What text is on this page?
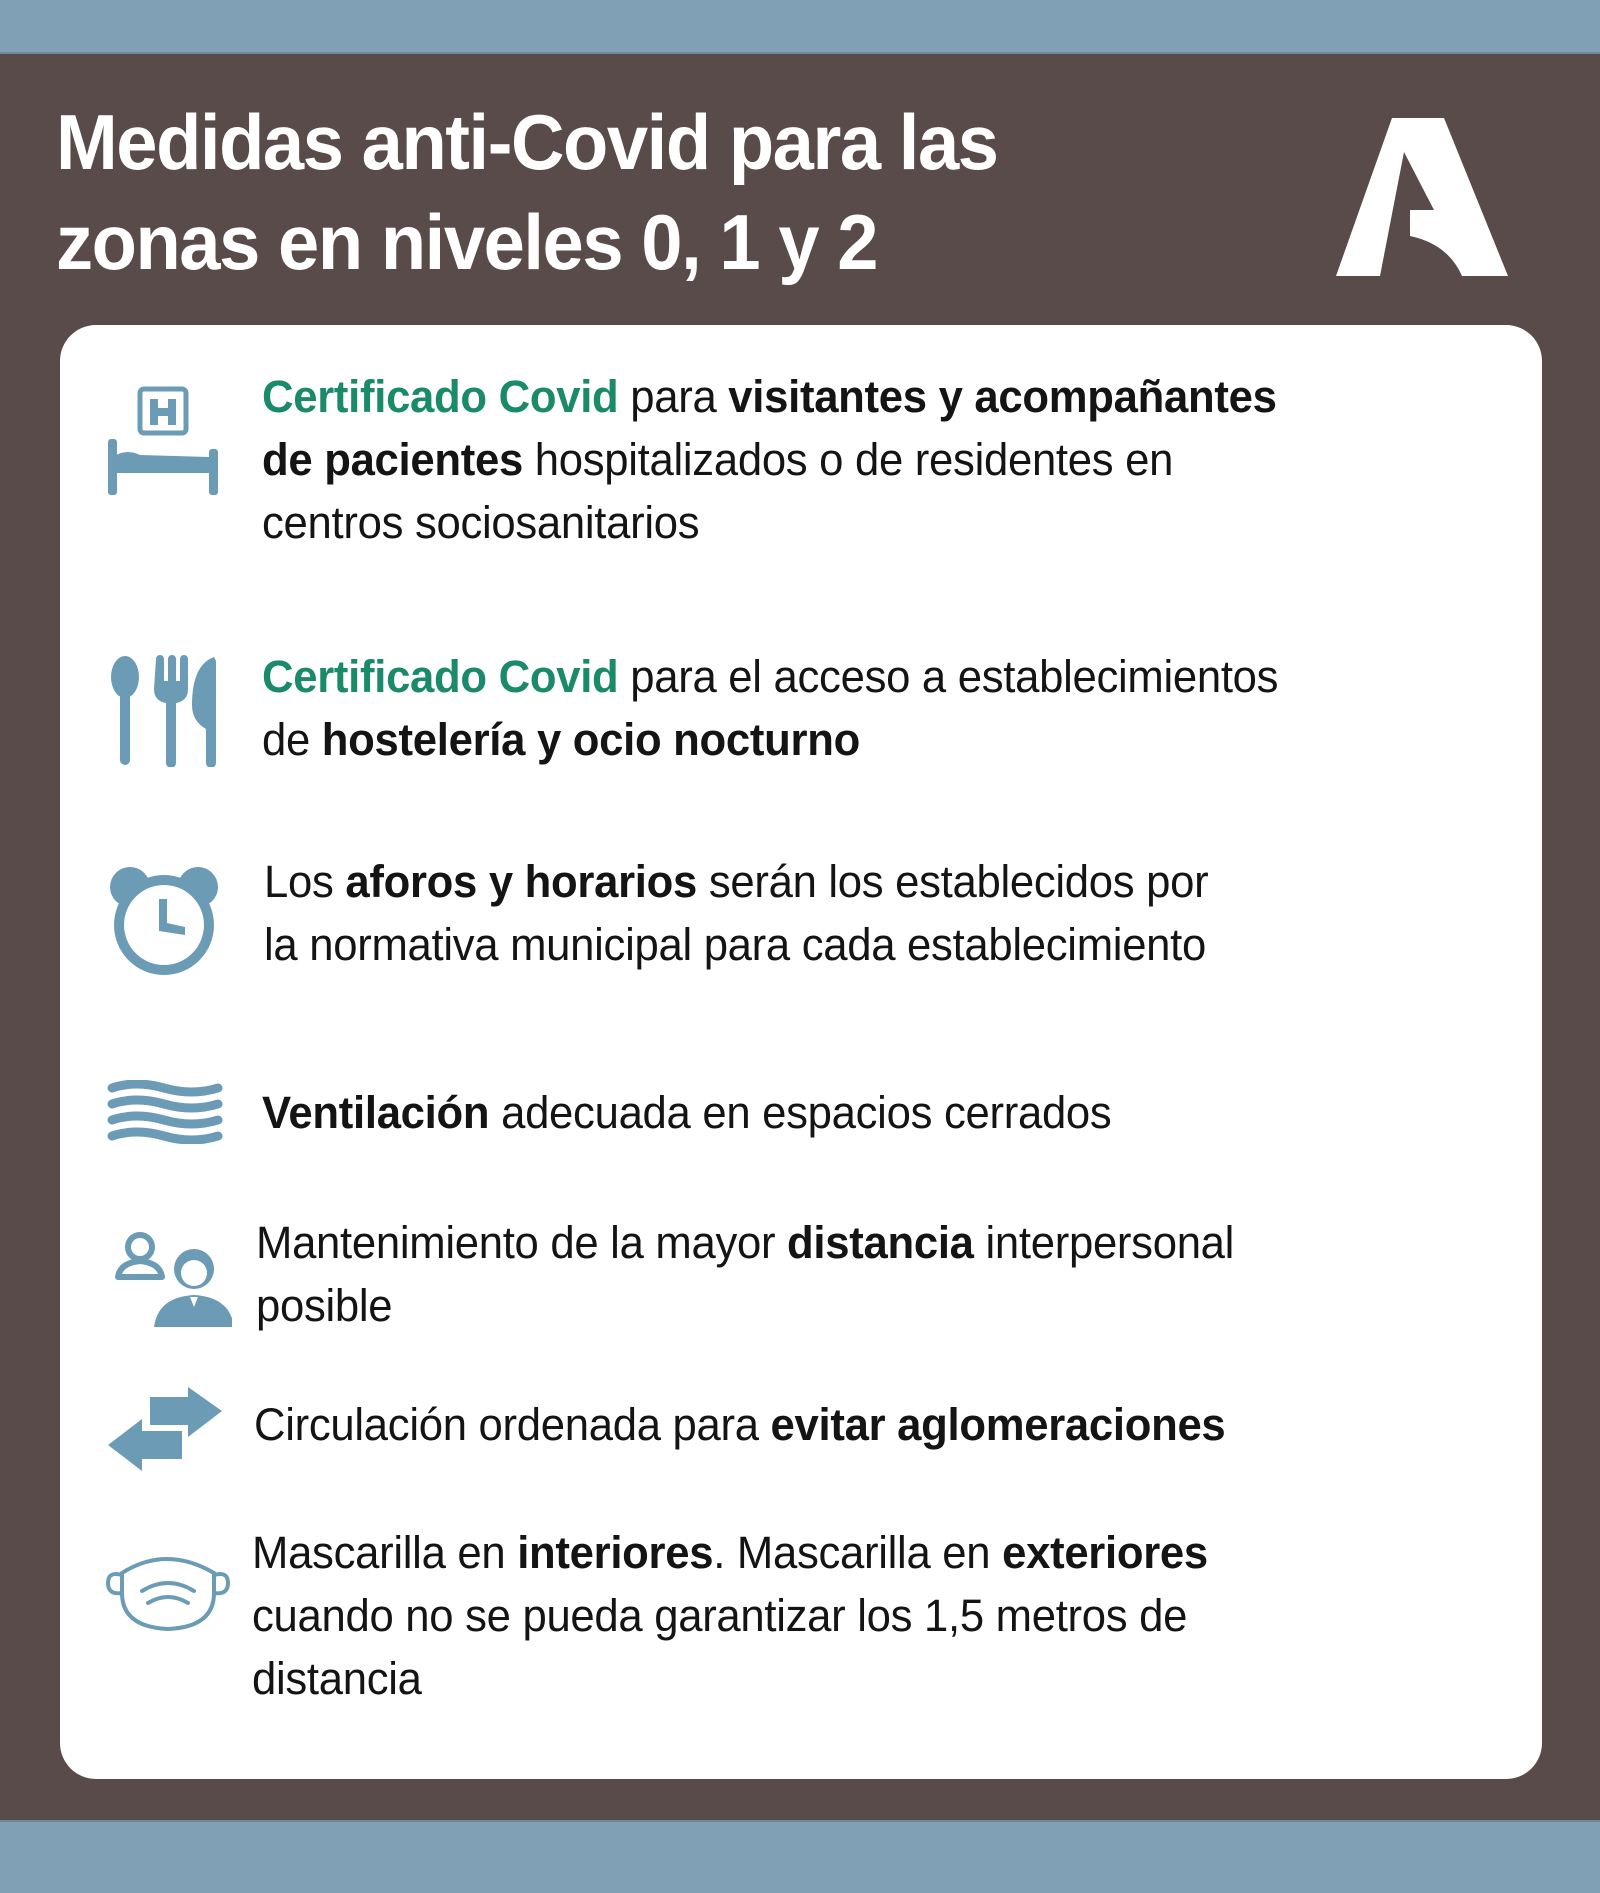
Medidas anti-Covid para las
zonas en niveles 0, 1 y 2

Certificado Covid para visitantes y acompañantes
de pacientes hospitalizados o de residentes en
centros sociosanitarios

Certificado Covid para el acceso a establecimientos
de hostelería y ocio nocturno

Los aforos y horarios serán los establecidos por
la normativa municipal para cada establecimiento

Ventilación adecuada en espacios cerrados

Mantenimiento de la mayor distancia interpersonal
posible

Circulación ordenada para evitar aglomeraciones

Mascarilla en interiores. Mascarilla en exteriores
cuando no se pueda garantizar los 1,5 metros de
distancia
